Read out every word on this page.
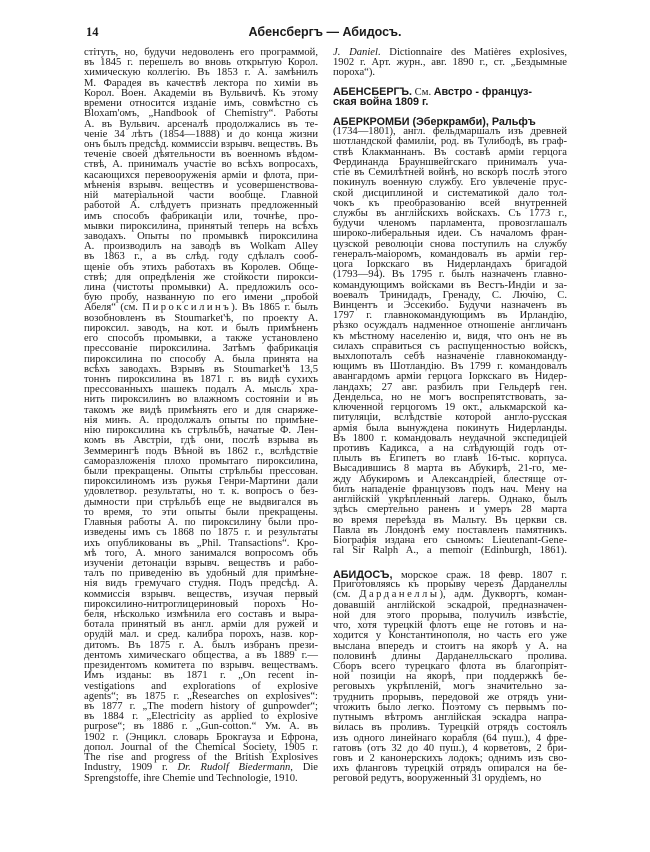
14	Абенсбергъ — Абидосъ.
стітуть, но, будучи недоволенъ его программой,
въ 1845 г. перешелъ во вновь открытую Корол.
химическую коллегію. Въ 1853 г. А. замѣнилъ
М. Фарадея въ качествѣ лектора по химіи въ
Корол. Воен. Академіи въ Вульвичѣ. Къ этому
времени относится изданіе имъ, совмѣстно съ
Bloxam'омъ, „Handbook of Chemistry“. Работы
А. въ Вульвич. арсеналѣ продолжались въ те-
ченіе 34 лѣтъ (1854—1888) и до конца жизни
онъ былъ предсѣд. коммиссіи взрывч. веществъ. Въ
теченіе своей дѣятельности въ военномъ вѣдом-
ствѣ, А. принималъ участіе во всѣхъ вопросахъ,
касающихся перевооруженія арміи и флота, при-
мѣненія взрывч. веществъ и усовершенствова-
ній матеріальной части вообще. Главной
работой А. слѣдуетъ признать предложенный
имъ способъ фабрикаціи или, точнѣе, про-
мывки пироксилина, принятый теперь на всѣхъ
заводахъ. Опыты по промывкѣ пироксилина
А. производилъ на заводѣ въ Wolkam Alley
въ 1863 г., а въ слѣд. году сдѣлалъ сооб-
щеніе объ этихъ работахъ въ Королев. Обще-
ствѣ; для опредѣленія же стойкости пирокси-
лина (чистоты промывки) А. предложилъ осо-
бую пробу, названную по его имени „пробой
Абеля“ (см. Пироксилинъ). Въ 1865 г. былъ
возобновленъ въ Stoumarket'ѣ, по проекту А.
пироксил. заводъ, на кот. и былъ примѣненъ
его способъ промывки, а также установлено
прессованіе пироксилина. Затѣмъ фабрикація
пироксилина по способу А. была принята на
всѣхъ заводахъ. Взрывъ въ Stoumarket'ѣ 13,5
тоннъ пироксилина въ 1871 г. въ видѣ сухихъ
прессованныхъ шашекъ подалъ А. мысль хра-
нить пироксилинъ во влажномъ состояніи и въ
такомъ же видѣ примѣнять его и для снаряже-
нія минъ. А. продолжалъ опыты по примѣне-
нію пироксилина къ стрѣльбѣ, начатые Ф. Лен-
комъ въ Австріи, гдѣ они, послѣ взрыва въ
Земмерингѣ подъ Вѣной въ 1862 г., вслѣдствіе
саморазложенія плохо промытаго пироксилина,
были прекращены. Опыты стрѣльбы прессован.
пироксилиномъ изъ ружья Генри-Мартини дали
удовлетвор. результаты, но т. к. вопросъ о без-
дымности при стрѣльбѣ еще не выдвигался въ
то время, то эти опыты были прекращены.
Главныя работы А. по пироксилину были про-
изведены имъ съ 1868 по 1875 г. и результаты
ихъ опубликованы въ „Phil. Transactions“. Кро-
мѣ того, А. много занимался вопросомъ объ
изученіи детонаціи взрывч. веществъ и рабо-
талъ по приведенію въ удобный для примѣне-
нія видъ гремучаго студня. Подъ предсѣд. А.
коммиссія взрывч. веществъ, изучая первый
пироксилино-нитроглицериновый порохъ Но-
беля, нѣсколько измѣнила его составъ и выра-
ботала принятый въ англ. арміи для ружей и
орудій мал. и сред. калибра порохъ, назв. кор-
дитомъ. Въ 1875 г. А. былъ избранъ прези-
дентомъ химическаго общества, а въ 1889 г.—
президентомъ комитета по взрывч. веществамъ.
Имъ изданы: въ 1871 г. „On recent in-
vestigations and explorations of explosive
agents“; въ 1875 г. „Researches on explosives“:
въ 1877 г. „The modern history of gunpowder“;
въ 1884 г. „Electricity as applied to explosive
purpose“; въ 1886 г. „Gun-cotton.“ Ум. А. въ
1902 г. (Энцикл. словарь Брокгауза и Ефрона,
допол. Journal of the Chemical Society, 1905 г.
The rise and progress of the British Explosives
Industry, 1909 г. Dr. Rudolf Biedermann, Die
Sprengstoffe, ihre Chemie und Technologie, 1910.
J. Daniel. Dictionnaire des Matières explosives,
1902 г. Арт. журн., авг. 1890 г., ст. „Бездымные
пороха“).
АБЕНСБЕРГЪ. См. Австро - француз-
ская война 1809 г.
АБЕРКРОМБИ (Эберкрамби), Ральфъ
(1734—1801), англ. фельдмаршалъ изъ древней
шотландской фамиліи, род. въ Тулибодѣ, въ граф-
ствѣ Клакманнанъ. Въ составѣ арміи герцога
Фердинанда Брауншвейгскаго принималъ уча-
стіе въ Семилѣтней войнѣ, но вскорѣ послѣ этого
покинулъ военную службу. Его увлеченіе прус-
ской дисциплиной и систематикой дало тол-
чокъ къ преобразованію всей внутренней
службы въ англійскихъ войскахъ. Съ 1773 г.,
будучи членомъ парламента, провозглашалъ
широко-либеральныя идеи. Съ началомъ фран-
цузской революціи снова поступилъ на службу
генералъ-маіоромъ, командовалъ въ арміи гер-
цога Іоркскаго въ Нидерландахъ бригадой
(1793—94). Въ 1795 г. былъ назначенъ главно-
командующимъ войсками въ Вестъ-Индіи и за-
воевалъ Тринидадъ, Гренаду, С. Лючію, С.
Винцентъ и Эссекибо. Будучи назначенъ въ
1797 г. главнокомандующимъ въ Ирландію,
рѣзко осуждалъ надменное отношеніе англичанъ
къ мѣстному населенію и, видя, что онъ не въ
силахъ справиться съ распущенностью войскъ,
выхлопоталъ себѣ назначеніе главнокоманду-
ющимъ въ Шотландію. Въ 1799 г. командовалъ
авангардомъ арміи герцога Іоркскаго въ Нидер-
ландахъ; 27 авг. разбилъ при Гельдерѣ ген.
Дендельса, но не могъ воспрепятствовать, за-
ключенной герцогомъ 19 окт., алькмарской ка-
питуляціи, вслѣдствіе которой англо-русская
армія была вынуждена покинуть Нидерланды.
Въ 1800 г. командовалъ неудачной экспедиціей
противъ Кадикса, а на слѣдующій годъ от-
плылъ въ Египетъ во главѣ 16-тыс. корпуса.
Высадившись 8 марта въ Абукирѣ, 21-го, ме-
жду Абукиромъ и Александріей, блестяще от-
билъ нападеніе французовъ подъ нач. Мену на
англійскій укрѣпленный лагерь. Однако, былъ
здѣсь смертельно раненъ и умеръ 28 марта
во время переѣзда въ Мальту. Въ церкви св.
Павла въ Лондонѣ ему поставленъ памятникъ.
Біографія издана его сыномъ: Lieutenant-Gene-
ral Sir Ralph A., a memoir (Edinburgh, 1861).
АБИДОСЪ, морское сраж. 18 февр. 1807 г.
Приготовляясь къ прорыву черезъ Дарданеллы
(см. Дарданеллы), адм. Дуквортъ, коман-
довавшій англійской эскадрой, предназначен-
ной для этого прорыва, получилъ извѣстіе,
что, хотя турецкій флотъ еще не готовъ и на-
ходится у Константинополя, но часть его уже
выслана впередъ и стоитъ на якорѣ у А. на
половинѣ длины Дарданелльскаго пролива.
Сборъ всего турецкаго флота въ благопріят-
ной позиціи на якорѣ, при поддержкѣ бе-
реговыхъ укрѣпленій, могъ значительно за-
труднить прорывъ, передовой же отрядъ уни-
чтожить было легко. Поэтому съ первымъ по-
путнымъ вѣтромъ англійская эскадра напра-
вилась въ проливъ. Турецкій отрядъ состоялъ
изъ одного линейнаго корабля (64 пуш.), 4 фре-
гатовъ (отъ 32 до 40 пуш.), 4 корветовъ, 2 бри-
говъ и 2 канонерскихъ лодокъ; однимъ изъ сво-
ихъ фланговъ турецкій отрядъ опирался на бе-
реговой редутъ, вооруженный 31 орудіемъ, но
